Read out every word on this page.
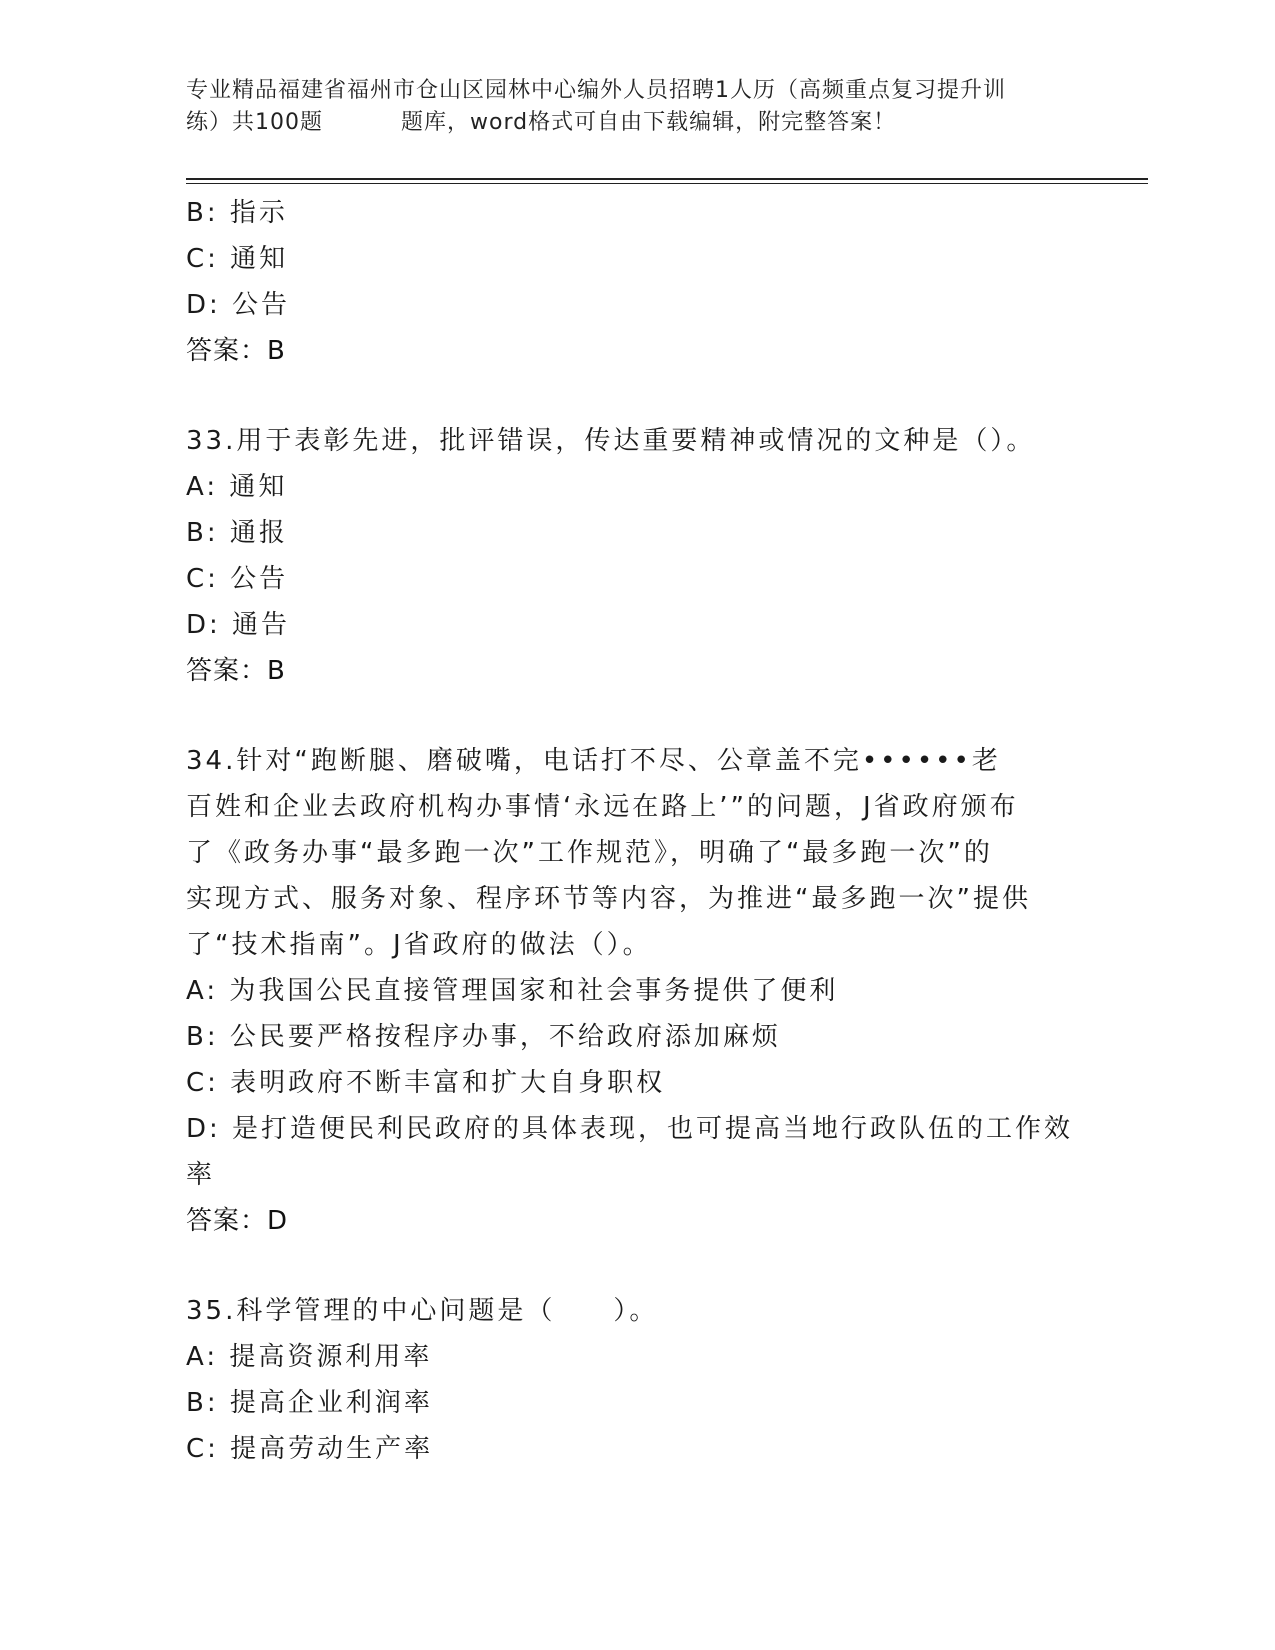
专业精品福建省福州市仓山区园林中心编外人员招聘1人历（高频重点复习提升训
练）共100题	题库，word格式可自由下载编辑，附完整答案！
B: 指示
C: 通知
D: 公告
答案：B
33.用于表彰先进，批评错误，传达重要精神或情况的文种是（）。
A: 通知
B: 通报
C: 公告
D: 通告
答案：B
34.针对“跑断腿、磨破嘴，电话打不尽、公章盖不完••••••老
百姓和企业去政府机构办事情‘永远在路上’”的问题，J省政府颁布
了《政务办事“最多跑一次”工作规范》，明确了“最多跑一次”的
实现方式、服务对象、程序环节等内容，为推进“最多跑一次”提供
了“技术指南”。J省政府的做法（）。
A: 为我国公民直接管理国家和社会事务提供了便利
B: 公民要严格按程序办事，不给政府添加麻烦
C: 表明政府不断丰富和扩大自身职权
D: 是打造便民利民政府的具体表现，也可提高当地行政队伍的工作效
率
答案：D
35.科学管理的中心问题是（　　）。
A: 提高资源利用率
B: 提高企业利润率
C: 提高劳动生产率
